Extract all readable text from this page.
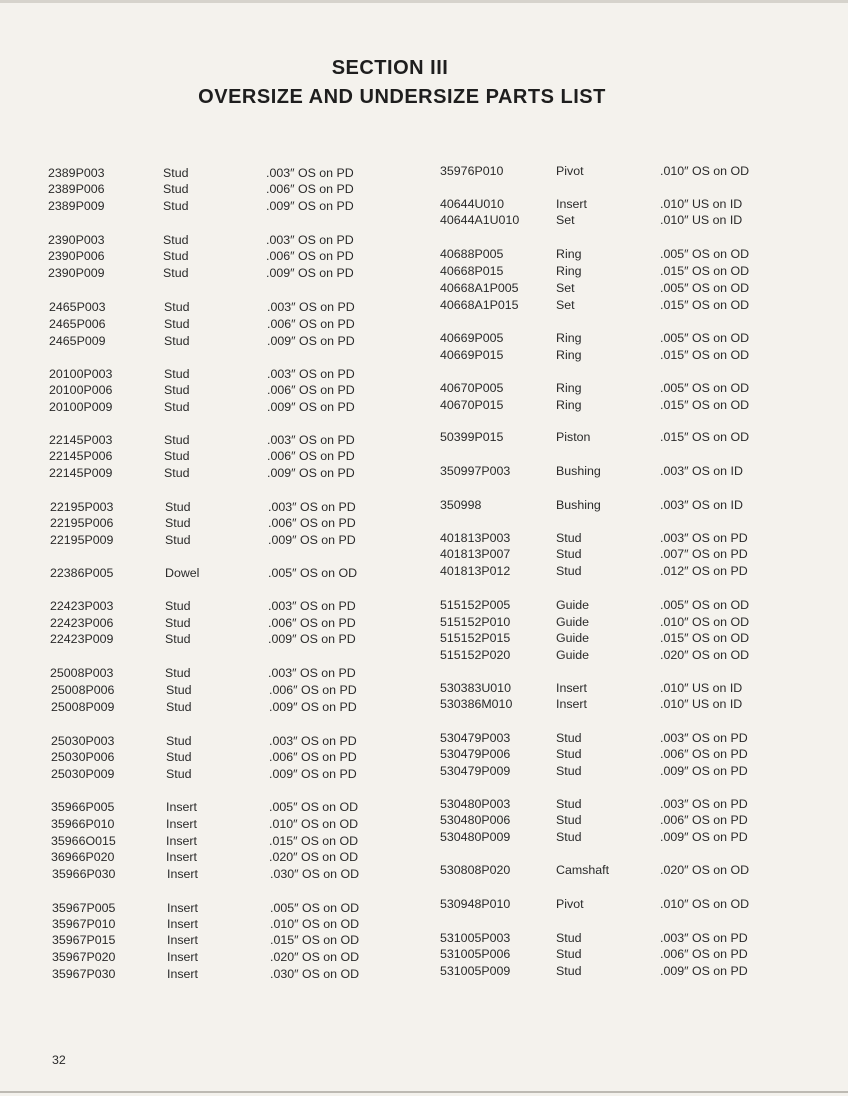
SECTION III
OVERSIZE AND UNDERSIZE PARTS LIST
2389P003	Stud	.003″ OS on PD
2389P006	Stud	.006″ OS on PD
2389P009	Stud	.009″ OS on PD
2390P003	Stud	.003″ OS on PD
2390P006	Stud	.006″ OS on PD
2390P009	Stud	.009″ OS on PD
2465P003	Stud	.003″ OS on PD
2465P006	Stud	.006″ OS on PD
2465P009	Stud	.009″ OS on PD
20100P003	Stud	.003″ OS on PD
20100P006	Stud	.006″ OS on PD
20100P009	Stud	.009″ OS on PD
22145P003	Stud	.003″ OS on PD
22145P006	Stud	.006″ OS on PD
22145P009	Stud	.009″ OS on PD
22195P003	Stud	.003″ OS on PD
22195P006	Stud	.006″ OS on PD
22195P009	Stud	.009″ OS on PD
22386P005	Dowel	.005″ OS on OD
22423P003	Stud	.003″ OS on PD
22423P006	Stud	.006″ OS on PD
22423P009	Stud	.009″ OS on PD
25008P003	Stud	.003″ OS on PD
25008P006	Stud	.006″ OS on PD
25008P009	Stud	.009″ OS on PD
25030P003	Stud	.003″ OS on PD
25030P006	Stud	.006″ OS on PD
25030P009	Stud	.009″ OS on PD
35966P005	Insert	.005″ OS on OD
35966P010	Insert	.010″ OS on OD
35966O015	Insert	.015″ OS on OD
36966P020	Insert	.020″ OS on OD
35966P030	Insert	.030″ OS on OD
35967P005	Insert	.005″ OS on OD
35967P010	Insert	.010″ OS on OD
35967P015	Insert	.015″ OS on OD
35967P020	Insert	.020″ OS on OD
35967P030	Insert	.030″ OS on OD
35976P010	Pivot	.010″ OS on OD
40644U010	Insert	.010″ US on ID
40644A1U010	Set	.010″ US on ID
40688P005	Ring	.005″ OS on OD
40668P015	Ring	.015″ OS on OD
40668A1P005	Set	.005″ OS on OD
40668A1P015	Set	.015″ OS on OD
40669P005	Ring	.005″ OS on OD
40669P015	Ring	.015″ OS on OD
40670P005	Ring	.005″ OS on OD
40670P015	Ring	.015″ OS on OD
50399P015	Piston	.015″ OS on OD
350997P003	Bushing	.003″ OS on ID
350998	Bushing	.003″ OS on ID
401813P003	Stud	.003″ OS on PD
401813P007	Stud	.007″ OS on PD
401813P012	Stud	.012″ OS on PD
515152P005	Guide	.005″ OS on OD
515152P010	Guide	.010″ OS on OD
515152P015	Guide	.015″ OS on OD
515152P020	Guide	.020″ OS on OD
530383U010	Insert	.010″ US on ID
530386M010	Insert	.010″ US on ID
530479P003	Stud	.003″ OS on PD
530479P006	Stud	.006″ OS on PD
530479P009	Stud	.009″ OS on PD
530480P003	Stud	.003″ OS on PD
530480P006	Stud	.006″ OS on PD
530480P009	Stud	.009″ OS on PD
530808P020	Camshaft	.020″ OS on OD
530948P010	Pivot	.010″ OS on OD
531005P003	Stud	.003″ OS on PD
531005P006	Stud	.006″ OS on PD
531005P009	Stud	.009″ OS on PD
32
